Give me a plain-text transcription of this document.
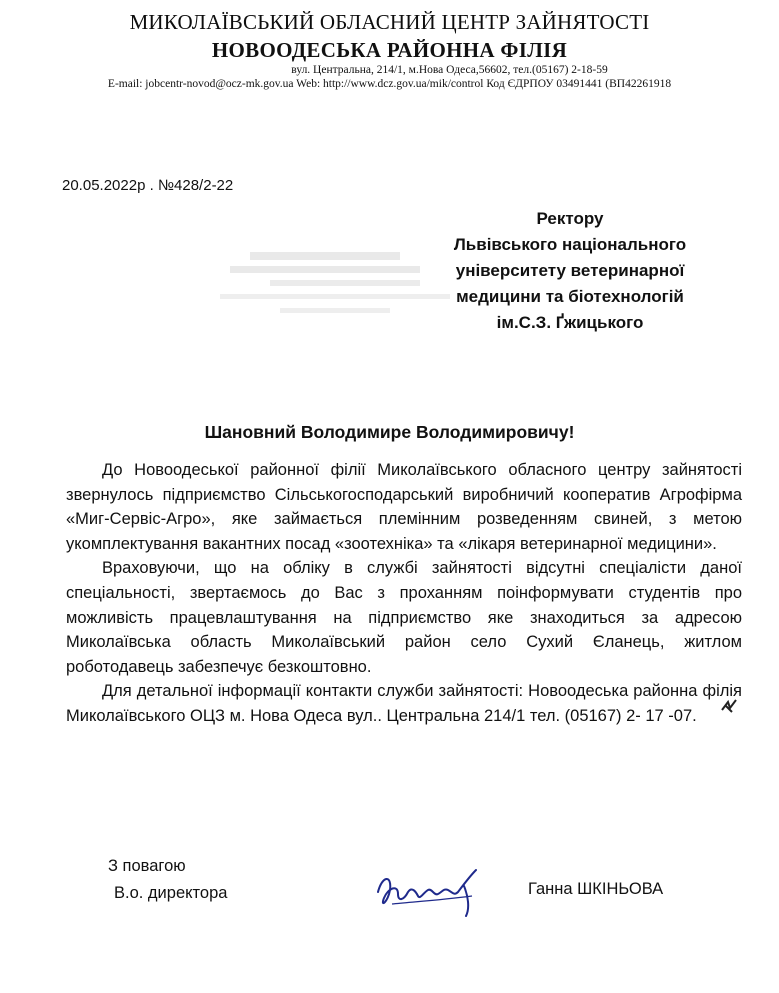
МИКОЛАЇВСЬКИЙ ОБЛАСНИЙ ЦЕНТР ЗАЙНЯТОСТІ
НОВООДЕСЬКА РАЙОННА ФІЛІЯ
вул. Центральна, 214/1, м.Нова Одеса,56602, тел.(05167) 2-18-59
E-mail: jobcentr-novod@ocz-mk.gov.ua Web: http://www.dcz.gov.ua/mik/control Код ЄДРПОУ 03491441 (ВП42261918
20.05.2022р . №428/2-22
Ректору
Львівського національного
університету ветеринарної
медицини та біотехнологій
ім.С.З. Ґжицького
Шановний Володимире Володимировичу!

До Новоодеської районної філії Миколаївського обласного центру зайнятості звернулось підприємство Сільськогосподарський виробничий кооператив Агрофірма «Миг-Сервіс-Агро», яке займається племінним розведенням свиней, з метою укомплектування вакантних посад «зоотехніка» та «лікаря ветеринарної медицини».

Враховуючи, що на обліку в службі зайнятості відсутні спеціалісти даної спеціальності, звертаємось до Вас з проханням поінформувати студентів про можливість працевлаштування на підприємство яке знаходиться за адресою Миколаївська область Миколаївський район село Сухий Єланець, житлом роботодавець забезпечує безкоштовно.

Для детальної інформації контакти служби зайнятості: Новоодеська районна філія Миколаївського ОЦЗ м. Нова Одеса вул.. Центральна 214/1 тел. (05167) 2- 17 -07.

З повагою
В.о. директора	Ганна ШКІНЬОВА
